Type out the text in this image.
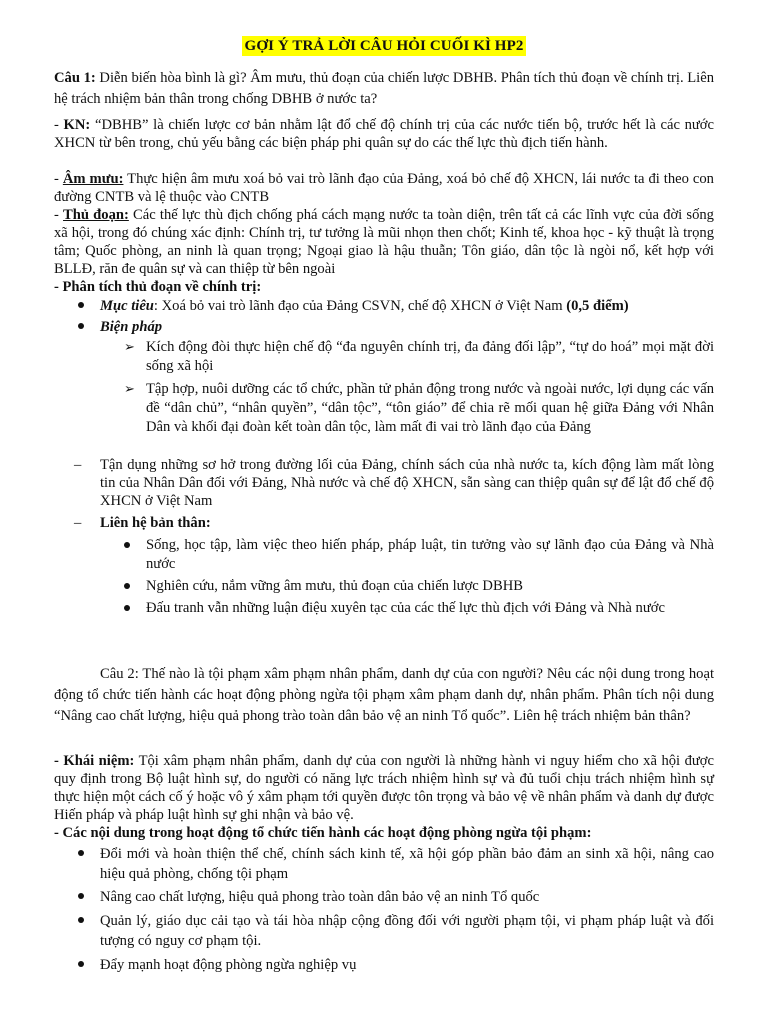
GỢI Ý TRẢ LỜI CÂU HỎI CUỐI KÌ HP2

Câu 1: Diễn biến hòa bình là gì? Âm mưu, thủ đoạn của chiến lược DBHB. Phân tích thủ đoạn về chính trị. Liên hệ trách nhiệm bản thân trong chống DBHB ở nước ta?

- KN: “DBHB” là chiến lược cơ bản nhằm lật đổ chế độ chính trị của các nước tiến bộ, trước hết là các nước XHCN từ bên trong, chủ yếu bằng các biện pháp phi quân sự do các thế lực thù địch tiến hành.

- Âm mưu: Thực hiện âm mưu xoá bỏ vai trò lãnh đạo của Đảng, xoá bỏ chế độ XHCN, lái nước ta đi theo con đường CNTB và lệ thuộc vào CNTB

- Thủ đoạn: Các thế lực thù địch chống phá cách mạng nước ta toàn diện, trên tất cả các lĩnh vực của đời sống xã hội, trong đó chúng xác định: Chính trị, tư tưởng là mũi nhọn then chốt; Kinh tế, khoa học - kỹ thuật là trọng tâm; Quốc phòng, an ninh là quan trọng; Ngoại giao là hậu thuẫn; Tôn giáo, dân tộc là ngòi nổ, kết hợp với BLLĐ, răn đe quân sự và can thiệp từ bên ngoài

- Phân tích thủ đoạn về chính trị:

Mục tiêu: Xoá bỏ vai trò lãnh đạo của Đảng CSVN, chế độ XHCN ở Việt Nam (0,5 điểm)
Biện pháp
➢ Kích động đòi thực hiện chế độ “đa nguyên chính trị, đa đảng đối lập”, “tự do hoá” mọi mặt đời sống xã hội
➢ Tập hợp, nuôi dưỡng các tổ chức, phần tử phản động trong nước và ngoài nước, lợi dụng các vấn đề “dân chủ”, “nhân quyền”, “dân tộc”, “tôn giáo” để chia rẽ mối quan hệ giữa Đảng với Nhân Dân và khối đại đoàn kết toàn dân tộc, làm mất đi vai trò lãnh đạo của Đảng
– Tận dụng những sơ hở trong đường lối của Đảng, chính sách của nhà nước ta, kích động làm mất lòng tin của Nhân Dân đối với Đảng, Nhà nước và chế độ XHCN, sẵn sàng can thiệp quân sự để lật đổ chế độ XHCN ở Việt Nam
– Liên hệ bản thân:
Sống, học tập, làm việc theo hiến pháp, pháp luật, tin tưởng vào sự lãnh đạo của Đảng và Nhà nước
Nghiên cứu, nắm vững âm mưu, thủ đoạn của chiến lược DBHB
Đấu tranh vẫn những luận điệu xuyên tạc của các thế lực thù địch với Đảng và Nhà nước

Câu 2: Thế nào là tội phạm xâm phạm nhân phẩm, danh dự của con người? Nêu các nội dung trong hoạt động tổ chức tiến hành các hoạt động phòng ngừa tội phạm xâm phạm danh dự, nhân phẩm. Phân tích nội dung “Nâng cao chất lượng, hiệu quả phong trào toàn dân bảo vệ an ninh Tổ quốc”. Liên hệ trách nhiệm bản thân?

- Khái niệm: Tội xâm phạm nhân phẩm, danh dự của con người là những hành vi nguy hiểm cho xã hội được quy định trong Bộ luật hình sự, do người có năng lực trách nhiệm hình sự và đủ tuổi chịu trách nhiệm hình sự thực hiện một cách cố ý hoặc vô ý xâm phạm tới quyền được tôn trọng và bảo vệ về nhân phẩm và danh dự được Hiến pháp và pháp luật hình sự ghi nhận và bảo vệ.

- Các nội dung trong hoạt động tổ chức tiến hành các hoạt động phòng ngừa tội phạm:

Đổi mới và hoàn thiện thể chế, chính sách kinh tế, xã hội góp phần bảo đảm an sinh xã hội, nâng cao hiệu quả phòng, chống tội phạm
Nâng cao chất lượng, hiệu quả phong trào toàn dân bảo vệ an ninh Tổ quốc
Quản lý, giáo dục cải tạo và tái hòa nhập cộng đồng đối với người phạm tội, vi phạm pháp luật và đối tượng có nguy cơ phạm tội.
Đẩy mạnh hoạt động phòng ngừa nghiệp vụ
